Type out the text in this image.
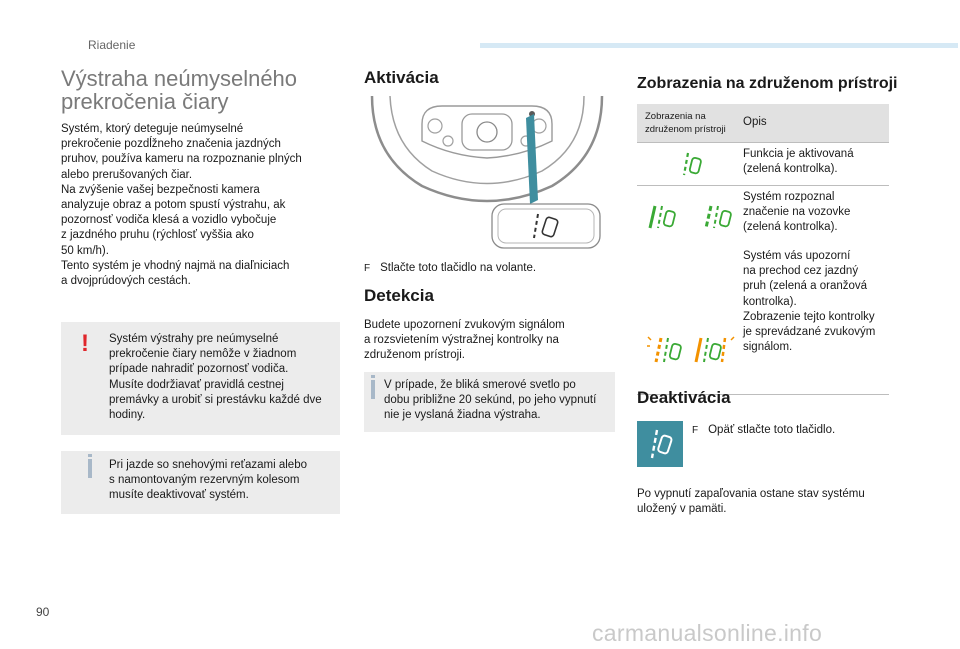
Riadenie
Výstraha neúmyselného
prekročenia čiary
Systém, ktorý deteguje neúmyselné
prekročenie pozdĺžneho značenia jazdných
pruhov, používa kameru na rozpoznanie plných
alebo prerušovaných čiar.
Na zvýšenie vašej bezpečnosti kamera
analyzuje obraz a potom spustí výstrahu, ak
pozornosť vodiča klesá a vozidlo vybočuje
z jazdného pruhu (rýchlosť vyššia ako
50 km/h).
Tento systém je vhodný najmä na diaľniciach
a dvojprúdových cestách.
! Systém výstrahy pre neúmyselné
prekročenie čiary nemôže v žiadnom
prípade nahradiť pozornosť vodiča.
Musíte dodržiavať pravidlá cestnej
premávky a urobiť si prestávku každé dve
hodiny.
Pri jazde so snehovými reťazami alebo
s namontovaným rezervným kolesom
musíte deaktivovať systém.
Aktivácia
F Stlačte toto tlačidlo na volante.
Detekcia
Budete upozornení zvukovým signálom
a rozsvietením výstražnej kontrolky na
združenom prístroji.
V prípade, že bliká smerové svetlo po
dobu približne 20 sekúnd, po jeho vypnutí
nie je vyslaná žiadna výstraha.
Zobrazenia na združenom prístroji
Zobrazenia na
združenom prístroji
Opis
Funkcia je aktivovaná
(zelená kontrolka).
Systém rozpoznal
značenie na vozovke
(zelená kontrolka).
Systém vás upozorní
na prechod cez jazdný
pruh (zelená a oranžová
kontrolka).
Zobrazenie tejto kontrolky
je sprevádzané zvukovým
signálom.
Deaktivácia
F Opäť stlačte toto tlačidlo.
Po vypnutí zapaľovania ostane stav systému
uložený v pamäti.
90
carmanualsonline.info
